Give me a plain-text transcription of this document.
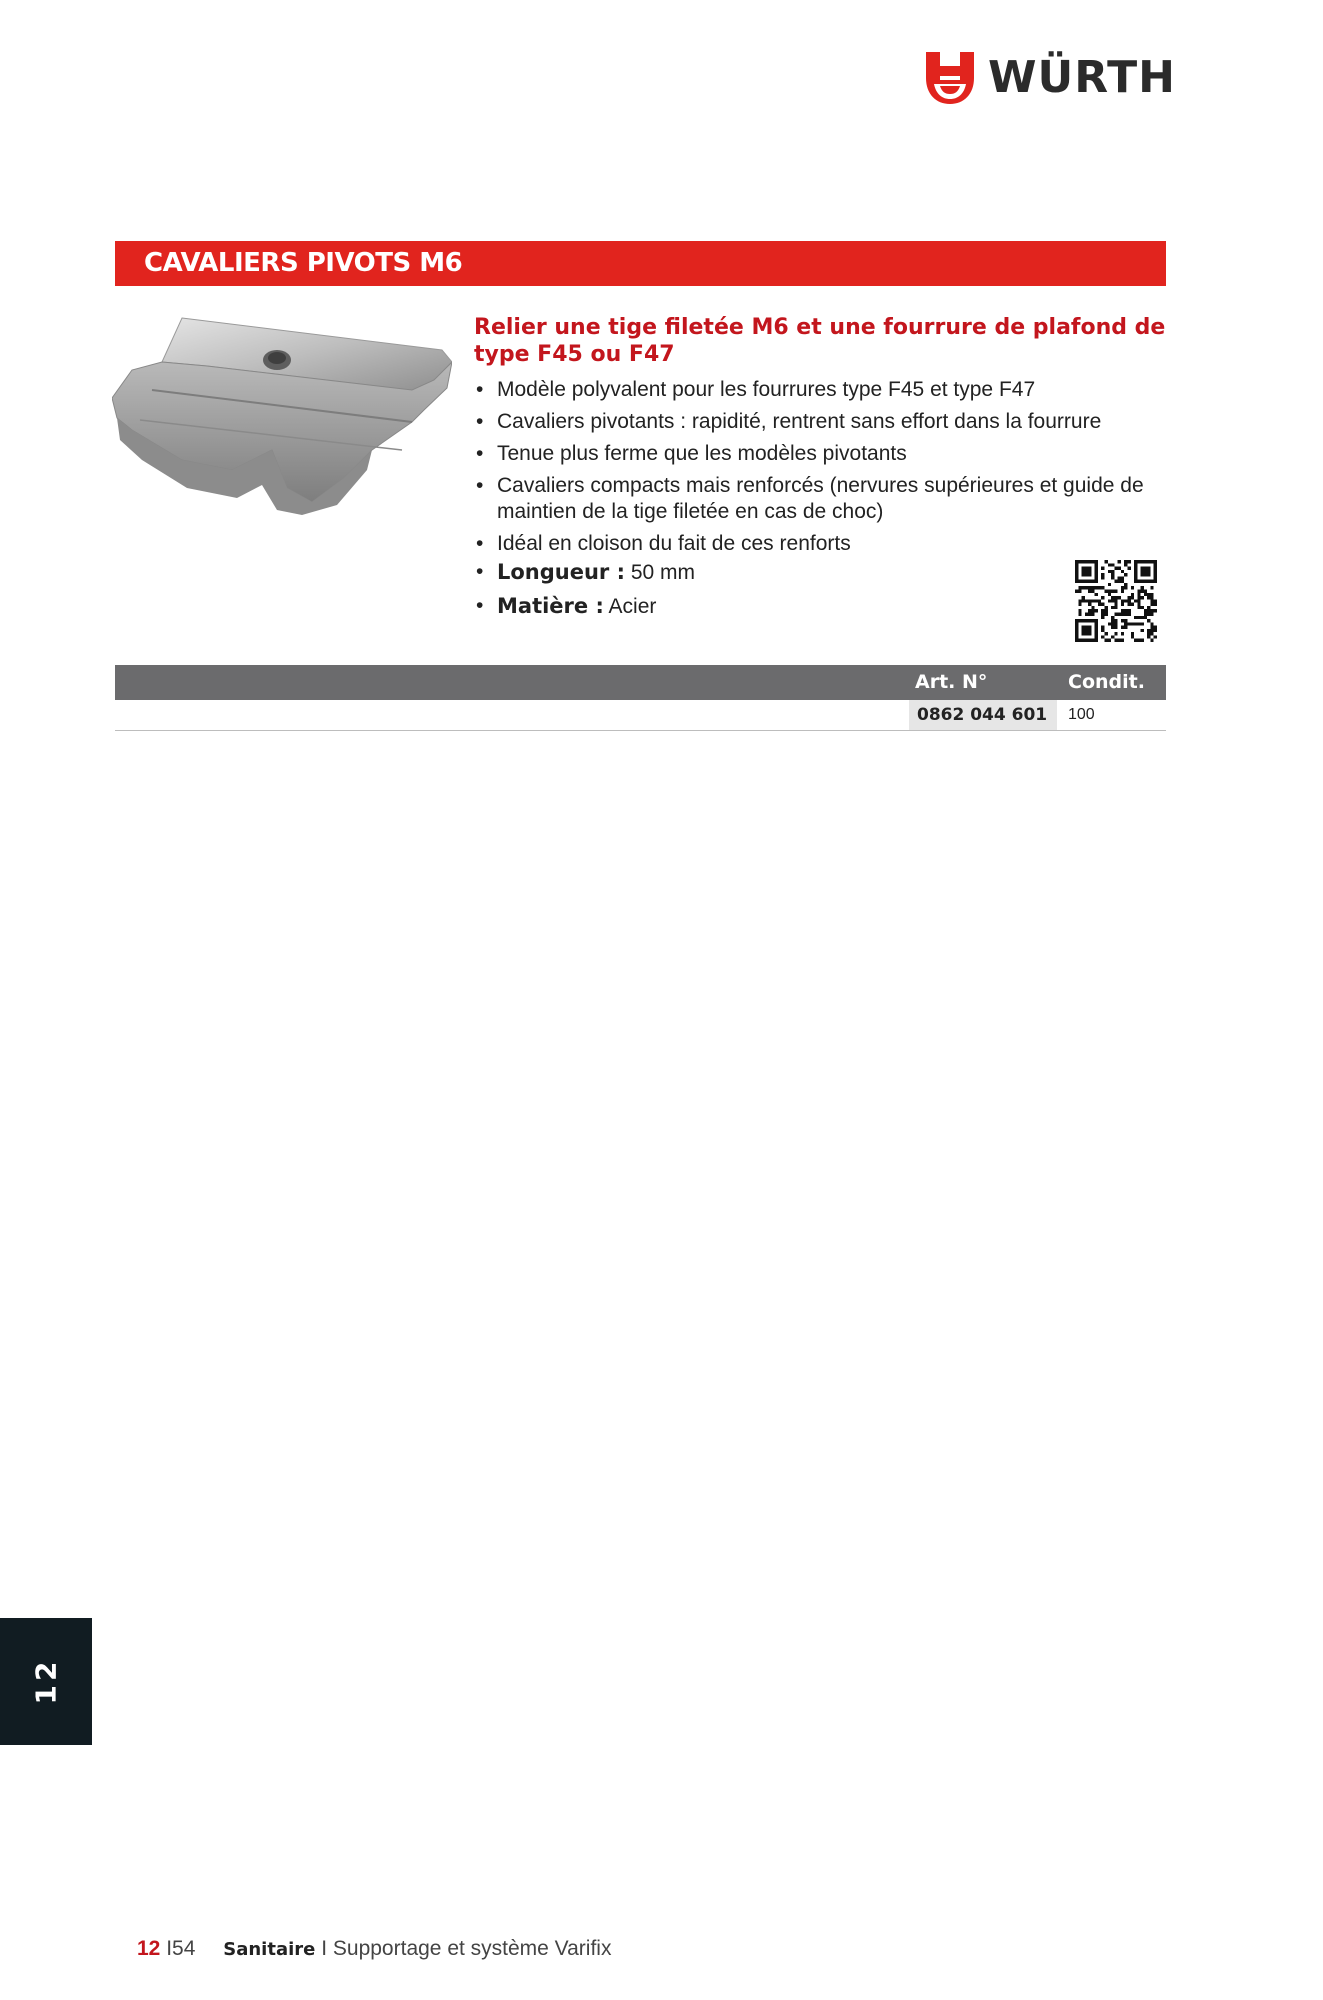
WÜRTH
CAVALIERS PIVOTS M6
Relier une tige filetée M6 et une fourrure de plafond de type F45 ou F47
• Modèle polyvalent pour les fourrures type F45 et type F47
• Cavaliers pivotants : rapidité, rentrent sans effort dans la fourrure
• Tenue plus ferme que les modèles pivotants
• Cavaliers compacts mais renforcés (nervures supérieures et guide de maintien de la tige filetée en cas de choc)
• Idéal en cloison du fait de ces renforts
• Longueur : 50 mm
• Matière : Acier
Art. N°	Condit.
0862 044 601	100
12
12 I54 Sanitaire I Supportage et système Varifix
